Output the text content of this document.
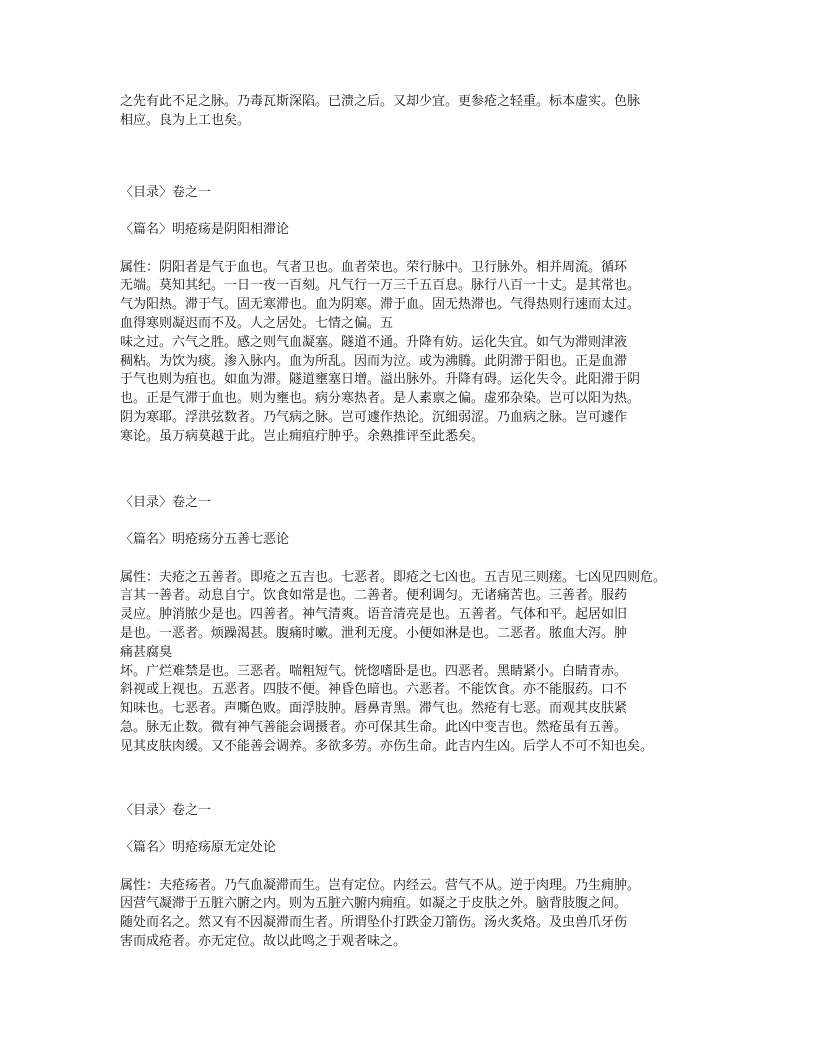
之先有此不足之脉。乃毒瓦斯深陷。已溃之后。又却少宜。更参疮之轻重。标本虚实。色脉
相应。良为上工也矣。
〈目录〉卷之一
〈篇名〉明疮疡是阴阳相滞论
属性：阴阳者是气于血也。气者卫也。血者荣也。荣行脉中。卫行脉外。相并周流。循环
无端。莫知其纪。一日一夜一百刻。凡气行一万三千五百息。脉行八百一十丈。是其常也。
气为阳热。滞于气。固无寒滞也。血为阴寒。滞于血。固无热滞也。气得热则行速而太过。
血得寒则凝迟而不及。人之居处。七情之偏。五
味之过。六气之胜。感之则气血凝塞。隧道不通。升降有妨。运化失宜。如气为滞则津液
稠粘。为饮为痰。渗入脉内。血为所乱。因而为泣。或为沸腾。此阴滞于阳也。正是血滞
于气也则为疽也。如血为滞。隧道壅塞日增。溢出脉外。升降有碍。运化失令。此阳滞于阴
也。正是气滞于血也。则为壅也。病分寒热者。是人素禀之偏。虚邪杂染。岂可以阳为热。
阴为寒耶。浮洪弦数者。乃气病之脉。岂可遽作热论。沉细弱涩。乃血病之脉。岂可遽作
寒论。虽万病莫越于此。岂止痈疽疔肿乎。余熟推评至此悉矣。
〈目录〉卷之一
〈篇名〉明疮疡分五善七恶论
属性：夫疮之五善者。即疮之五吉也。七恶者。即疮之七凶也。五吉见三则瘥。七凶见四则危。
言其一善者。动息自宁。饮食如常是也。二善者。便利调匀。无诸痛苦也。三善者。服药
灵应。肿消脓少是也。四善者。神气清爽。语音清亮是也。五善者。气体和平。起居如旧
是也。一恶者。烦躁渴甚。腹痛时嗽。泄利无度。小便如淋是也。二恶者。脓血大泻。肿
痛甚腐臭
坏。广烂难禁是也。三恶者。喘粗短气。恍惚嗜卧是也。四恶者。黑睛紧小。白睛青赤。
斜视或上视也。五恶者。四肢不便。神昏色暗也。六恶者。不能饮食。亦不能服药。口不
知味也。七恶者。声嘶色败。面浮肢肿。唇鼻青黑。滞气也。然疮有七恶。而观其皮肤紧
急。脉无止数。微有神气善能会调摄者。亦可保其生命。此凶中变吉也。然疮虽有五善。
见其皮肤肉缓。又不能善会调养。多欲多劳。亦伤生命。此吉内生凶。后学人不可不知也矣。
〈目录〉卷之一
〈篇名〉明疮疡原无定处论
属性：夫疮疡者。乃气血凝滞而生。岂有定位。内经云。营气不从。逆于肉理。乃生痈肿。
因营气凝滞于五脏六腑之内。则为五脏六腑内痈疽。如凝之于皮肤之外。脑背肢腹之间。
随处而名之。然又有不因凝滞而生者。所谓坠仆打跌金刀箭伤。汤火炙烙。及虫兽爪牙伤
害而成疮者。亦无定位。故以此鸣之于观者味之。
